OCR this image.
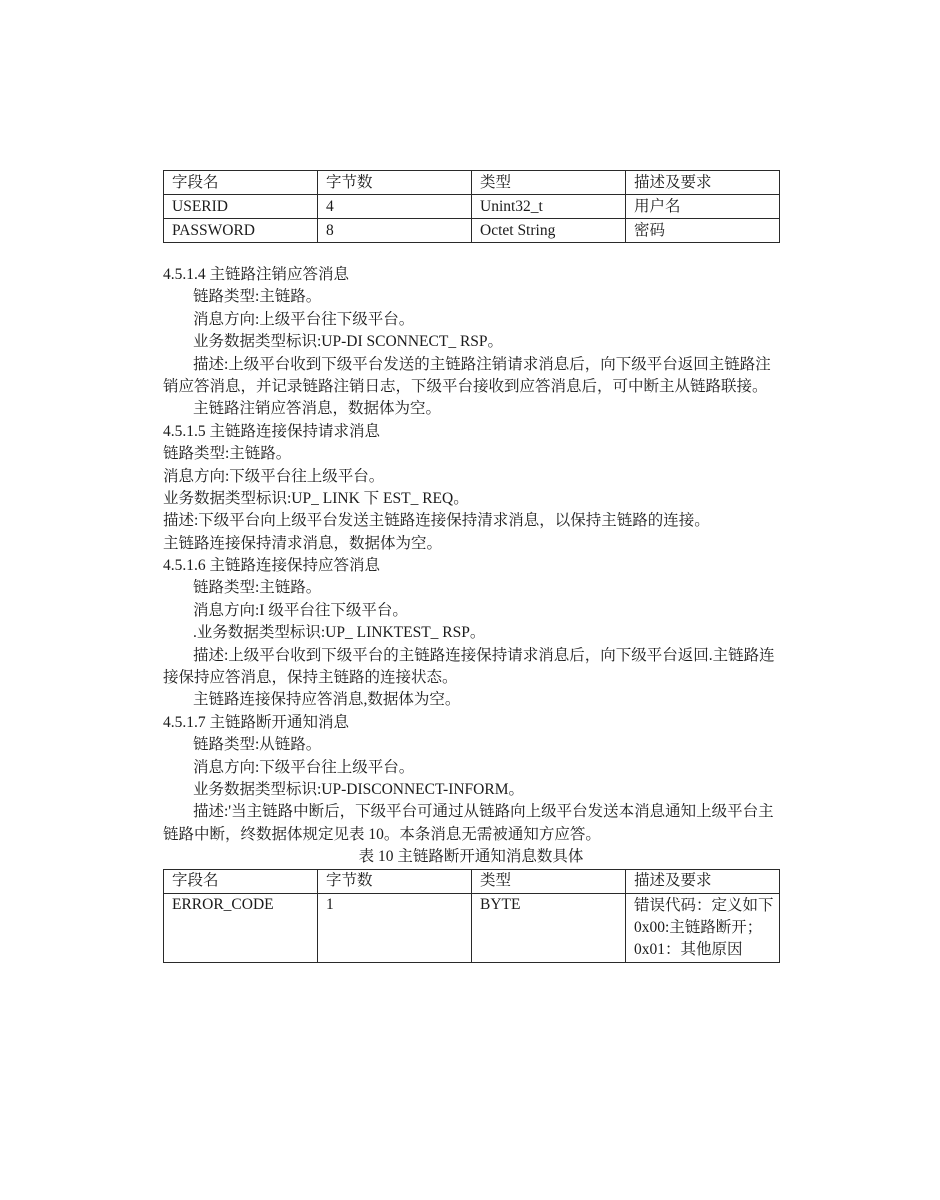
字段名	字节数	类型	描述及要求
USERID	4	Unint32_t	用户名
PASSWORD	8	Octet String	密码
4.5.1.4 主链路注销应答消息
链路类型:主链路。
消息方向:上级平台往下级平台。
业务数据类型标识:UP-DI SCONNECT_ RSP。
描述:上级平台收到下级平台发送的主链路注销请求消息后，向下级平台返回主链路注
销应答消息，并记录链路注销日志，下级平台接收到应答消息后，可中断主从链路联接。
主链路注销应答消息，数据体为空。
4.5.1.5 主链路连接保持请求消息
链路类型:主链路。
消息方向:下级平台往上级平台。
业务数据类型标识:UP_ LINK 下 EST_ REQ。
描述:下级平台向上级平台发送主链路连接保持清求消息，以保持主链路的连接。
主链路连接保持清求消息，数据体为空。
4.5.1.6 主链路连接保持应答消息
链路类型:主链路。
消息方向:I 级平台往下级平台。
.业务数据类型标识:UP_ LINKTEST_ RSP。
描述:上级平台收到下级平台的主链路连接保持请求消息后，向下级平台返回.主链路连
接保持应答消息，保持主链路的连接状态。
主链路连接保持应答消息,数据体为空。
4.5.1.7 主链路断开通知消息
链路类型:从链路。
消息方向:下级平台往上级平台。
业务数据类型标识:UP-DISCONNECT-INFORM。
描述:'当主链路中断后，下级平台可通过从链路向上级平台发送本消息通知上级平台主
链路中断，终数据体规定见表 10。本条消息无需被通知方应答。
表 10 主链路断开通知消息数具体
字段名	字节数	类型	描述及要求
ERROR_CODE	1	BYTE	错误代码：定义如下
0x00:主链路断开；
0x01：其他原因
